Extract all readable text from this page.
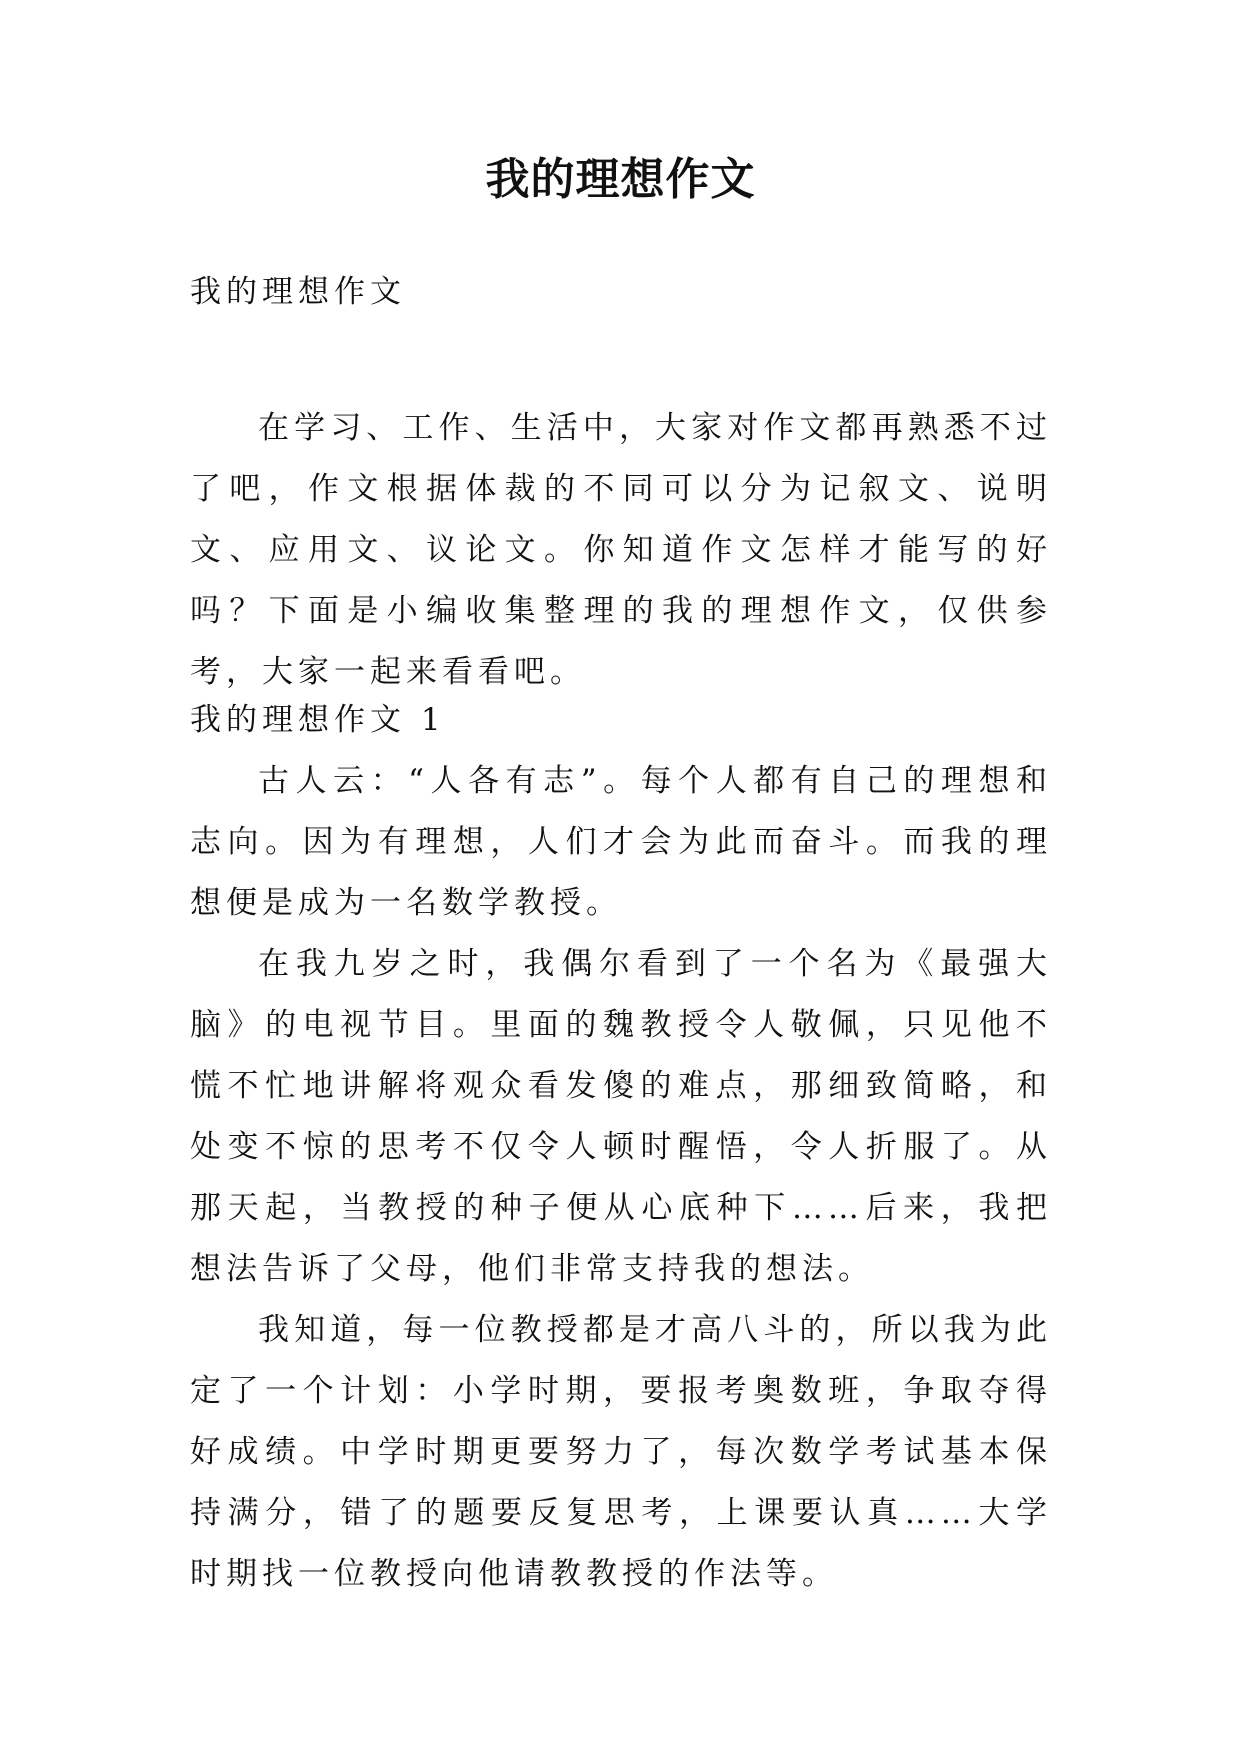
我的理想作文

我的理想作文

在学习、工作、生活中，大家对作文都再熟悉不过了吧，作文根据体裁的不同可以分为记叙文、说明文、应用文、议论文。你知道作文怎样才能写的好吗？下面是小编收集整理的我的理想作文，仅供参考，大家一起来看看吧。

我的理想作文 1

古人云：“人各有志”。每个人都有自己的理想和志向。因为有理想，人们才会为此而奋斗。而我的理想便是成为一名数学教授。

在我九岁之时，我偶尔看到了一个名为《最强大脑》的电视节目。里面的魏教授令人敬佩，只见他不慌不忙地讲解将观众看发傻的难点，那细致简略，和处变不惊的思考不仅令人顿时醒悟，令人折服了。从那天起，当教授的种子便从心底种下……后来，我把想法告诉了父母，他们非常支持我的想法。

我知道，每一位教授都是才高八斗的，所以我为此定了一个计划：小学时期，要报考奥数班，争取夺得好成绩。中学时期更要努力了，每次数学考试基本保持满分，错了的题要反复思考，上课要认真……大学时期找一位教授向他请教教授的作法等。
